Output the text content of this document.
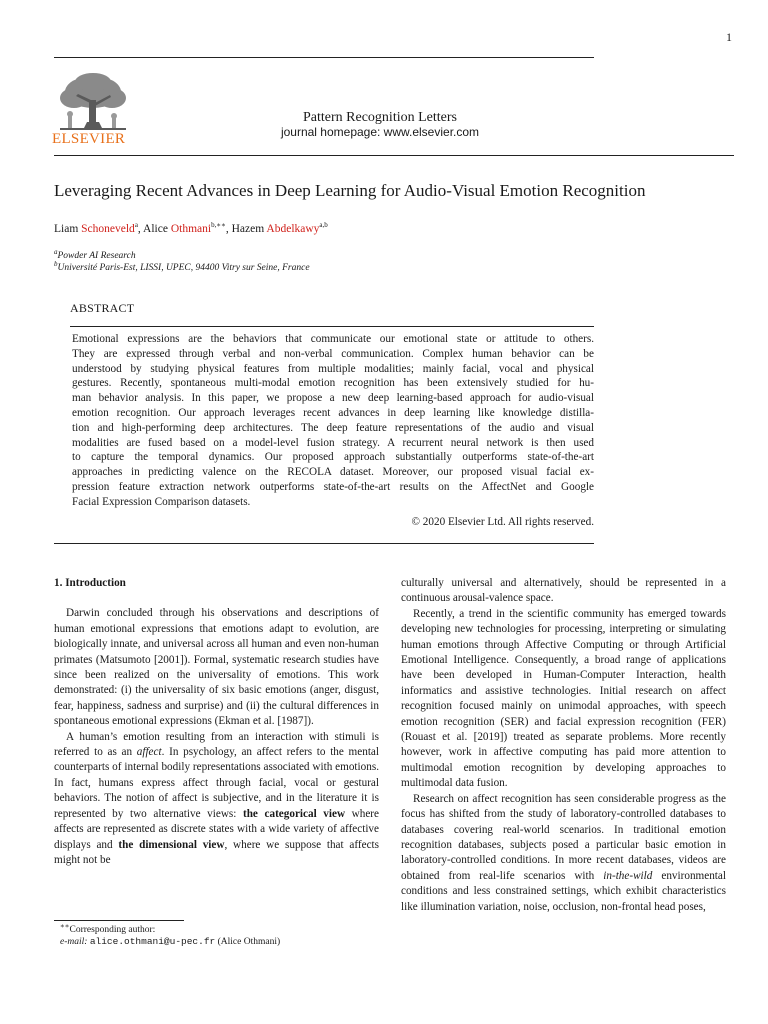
1
ELSEVIER
Pattern Recognition Letters
journal homepage: www.elsevier.com
Leveraging Recent Advances in Deep Learning for Audio-Visual Emotion Recognition
Liam Schoneveld$^a$, Alice Othmani$^{b,∗∗}$, Hazem Abdelkawy$^{a,b}$
$^a$Powder AI Research
$^b$Université Paris-Est, LISSI, UPEC, 94400 Vitry sur Seine, France
ABSTRACT
Emotional expressions are the behaviors that communicate our emotional state or attitude to others.
They are expressed through verbal and non-verbal communication. Complex human behavior can be
understood by studying physical features from multiple modalities; mainly facial, vocal and physical
gestures. Recently, spontaneous multi-modal emotion recognition has been extensively studied for hu-
man behavior analysis. In this paper, we propose a new deep learning-based approach for audio-visual
emotion recognition. Our approach leverages recent advances in deep learning like knowledge distilla-
tion and high-performing deep architectures. The deep feature representations of the audio and visual
modalities are fused based on a model-level fusion strategy. A recurrent neural network is then used
to capture the temporal dynamics. Our proposed approach substantially outperforms state-of-the-art
approaches in predicting valence on the RECOLA dataset. Moreover, our proposed visual facial ex-
pression feature extraction network outperforms state-of-the-art results on the AffectNet and Google
Facial Expression Comparison datasets.
© 2020 Elsevier Ltd. All rights reserved.
1. Introduction

Darwin concluded through his observations and descriptions of human emotional expressions that emotions adapt to evolution, are biologically innate, and universal across all human and even non-human primates (Matsumoto [2001]). Formal, systematic research studies have since been realized on the universality of emotions. This work demonstrated: (i) the universality of six basic emotions (anger, disgust, fear, happiness, sadness and surprise) and (ii) the cultural differences in spontaneous emotional expressions (Ekman et al. [1987]).

A human’s emotion resulting from an interaction with stimuli is referred to as an affect. In psychology, an affect refers to the mental counterparts of internal bodily representations associated with emotions. In fact, humans express affect through facial, vocal or gestural behaviors. The notion of affect is subjective, and in the literature it is represented by two alternative views: the categorical view where affects are represented as discrete states with a wide variety of affective displays and the dimensional view, where we suppose that affects might not be

culturally universal and alternatively, should be represented in a continuous arousal-valence space.

Recently, a trend in the scientific community has emerged towards developing new technologies for processing, interpreting or simulating human emotions through Affective Computing or through Artificial Emotional Intelligence. Consequently, a broad range of applications have been developed in Human-Computer Interaction, health informatics and assistive technologies. Initial research on affect recognition focused mainly on unimodal approaches, with speech emotion recognition (SER) and facial expression recognition (FER) (Rouast et al. [2019]) treated as separate problems. More recently however, work in affective computing has paid more attention to multimodal emotion recognition by developing approaches to multimodal data fusion.

Research on affect recognition has seen considerable progress as the focus has shifted from the study of laboratory-controlled databases to databases covering real-world scenarios. In traditional emotion recognition databases, subjects posed a particular basic emotion in laboratory-controlled conditions. In more recent databases, videos are obtained from real-life scenarios with in-the-wild environmental conditions and less constrained settings, which exhibit characteristics like illumination variation, noise, occlusion, non-frontal head poses,

∗∗Corresponding author:
e-mail: alice.othmani@u-pec.fr (Alice Othmani)
